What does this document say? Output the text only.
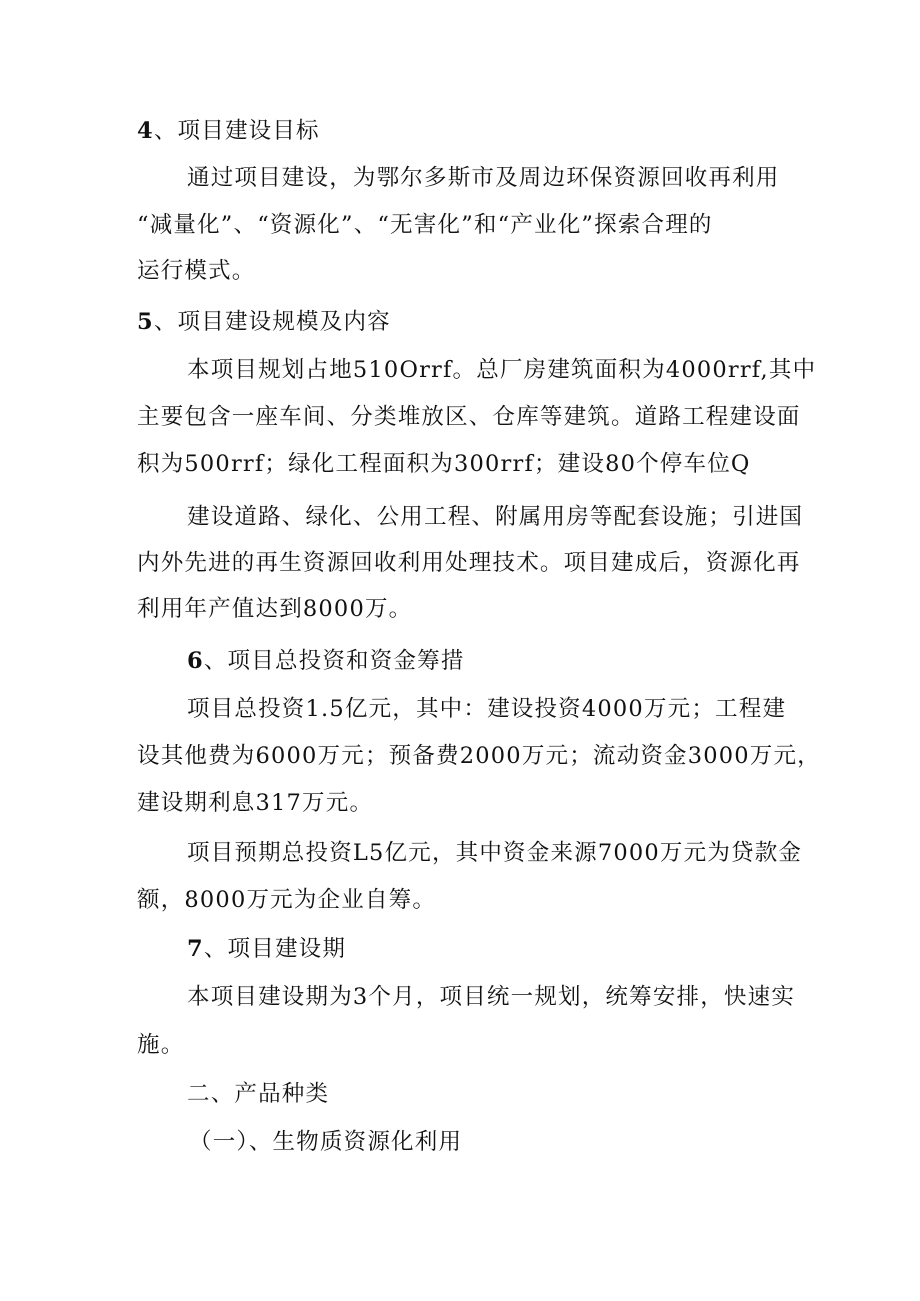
4、项目建设目标
通过项目建设，为鄂尔多斯市及周边环保资源回收再利用
“减量化”、“资源化”、“无害化”和“产业化”探索合理的
运行模式。
5、项目建设规模及内容
本项目规划占地510Orrf。总厂房建筑面积为4000rrf,其中
主要包含一座车间、分类堆放区、仓库等建筑。道路工程建设面
积为500rrf；绿化工程面积为300rrf；建设80个停车位Q
建设道路、绿化、公用工程、附属用房等配套设施；引进国
内外先进的再生资源回收利用处理技术。项目建成后，资源化再
利用年产值达到8000万。
6、项目总投资和资金筹措
项目总投资1.5亿元，其中：建设投资4000万元；工程建
设其他费为6000万元；预备费2000万元；流动资金3000万元，
建设期利息317万元。
项目预期总投资L5亿元，其中资金来源7000万元为贷款金
额，8000万元为企业自筹。
7、项目建设期
本项目建设期为3个月，项目统一规划，统筹安排，快速实
施。
二、产品种类
（一）、生物质资源化利用
